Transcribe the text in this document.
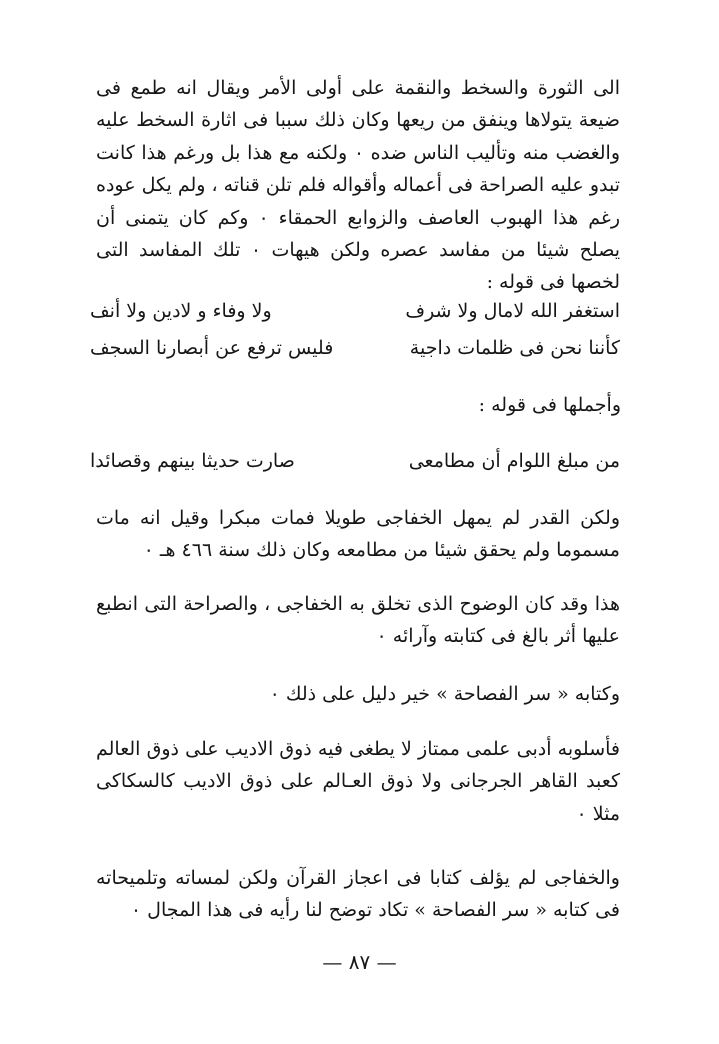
الى الثورة والسخط والنقمة على أولى الأمر ويقال انه طمع فى ضيعة يتولاها وينفق من ريعها وكان ذلك سببا فى اثارة السخط عليه والغضب منه وتأليب الناس ضده ٠ ولكنه مع هذا بل ورغم هذا كانت تبدو عليه الصراحة فى أعماله وأقواله فلم تلن قناته ، ولم يكل عوده رغم هذا الهبوب العاصف والزوابع الحمقاء ٠ وكم كان يتمنى أن يصلح شيئا من مفاسد عصره ولكن هيهات ٠ تلك المفاسد التى لخصها فى قوله :
استغفر الله لامال ولا شرف
ولا وفاء و لادين ولا أنف
كأننا نحن فى ظلمات داجية
فليس ترفع عن أبصارنا السجف
وأجملها فى قوله :
من مبلغ اللوام أن مطامعى
صارت حديثا بينهم وقصائدا
ولكن القدر لم يمهل الخفاجى طويلا فمات مبكرا وقيل انه مات مسموما ولم يحقق شيئا من مطامعه وكان ذلك سنة ٤٦٦ هـ ٠
هذا وقد كان الوضوح الذى تخلق به الخفاجى ، والصراحة التى انطبع عليها أثر بالغ فى كتابته وآرائه ٠
وكتابه « سر الفصاحة » خير دليل على ذلك ٠
فأسلوبه أدبى علمى ممتاز لا يطغى فيه ذوق الاديب على ذوق العالم كعبد القاهر الجرجانى ولا ذوق العـالم على ذوق الاديب كالسكاكى مثلا ٠
والخفاجى لم يؤلف كتابا فى اعجاز القرآن ولكن لمساته وتلميحاته فى كتابه « سر الفصاحة » تكاد توضح لنا رأيه فى هذا المجال ٠
— ٨٧ —
